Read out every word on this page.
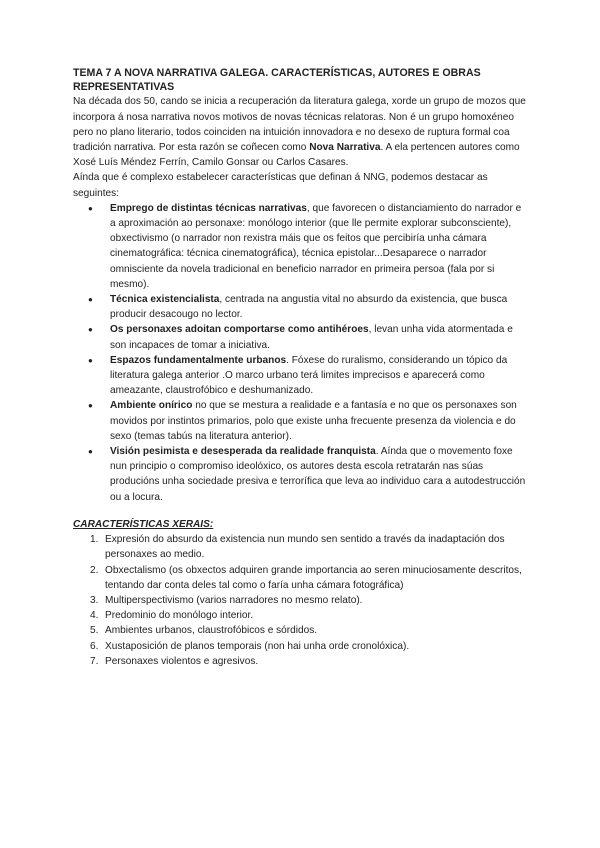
TEMA 7 A NOVA NARRATIVA GALEGA. CARACTERÍSTICAS, AUTORES E OBRAS REPRESENTATIVAS

Na década dos 50, cando se inicia a recuperación da literatura galega, xorde un grupo de mozos que incorpora á nosa narrativa novos motivos de novas técnicas relatoras. Non é un grupo homoxéneo pero no plano literario, todos coinciden na intuición innovadora e no desexo de ruptura formal coa tradición narrativa. Por esta razón se coñecen como Nova Narrativa. A ela pertencen autores como Xosé Luís Méndez Ferrín, Camilo Gonsar ou Carlos Casares.

Aínda que é complexo estabelecer características que definan á NNG, podemos destacar as seguintes:

● Emprego de distintas técnicas narrativas, que favorecen o distanciamiento do narrador e a aproximación ao personaxe: monólogo interior (que lle permite explorar subconsciente), obxectivismo (o narrador non rexistra máis que os feitos que percibiría unha cámara cinematográfica: técnica cinematográfica), técnica epistolar...Desaparece o narrador omnisciente da novela tradicional en beneficio narrador en primeira persoa (fala por si mesmo).
● Técnica existencialista, centrada na angustia vital no absurdo da existencia, que busca producir desacougo no lector.
● Os personaxes adoitan comportarse como antihéroes, levan unha vida atormentada e son incapaces de tomar a iniciativa.
● Espazos fundamentalmente urbanos. Fóxese do ruralismo, considerando un tópico da literatura galega anterior .O marco urbano terá limites imprecisos e aparecerá como ameazante, claustrofóbico e deshumanizado.
● Ambiente onírico no que se mestura a realidade e a fantasía e no que os personaxes son movidos por instintos primarios, polo que existe unha frecuente presenza da violencia e do sexo (temas tabús na literatura anterior).
● Visión pesimista e desesperada da realidade franquista. Aínda que o movemento foxe nun principio o compromiso ideolóxico, os autores desta escola retratarán nas súas producións unha sociedade presiva e terrorífica que leva ao individuo cara a autodestrucción ou a locura.

CARACTERÍSTICAS XERAIS:

1. Expresión do absurdo da existencia nun mundo sen sentido a través da inadaptación dos personaxes ao medio.
2. Obxectalismo (os obxectos adquiren grande importancia ao seren minuciosamente descritos, tentando dar conta deles tal como o faría unha cámara fotográfica)
3. Multiperspectivismo (varios narradores no mesmo relato).
4. Predominio do monólogo interior.
5. Ambientes urbanos, claustrofóbicos e sórdidos.
6. Xustaposición de planos temporais (non hai unha orde cronolóxica).
7. Personaxes violentos e agresivos.
